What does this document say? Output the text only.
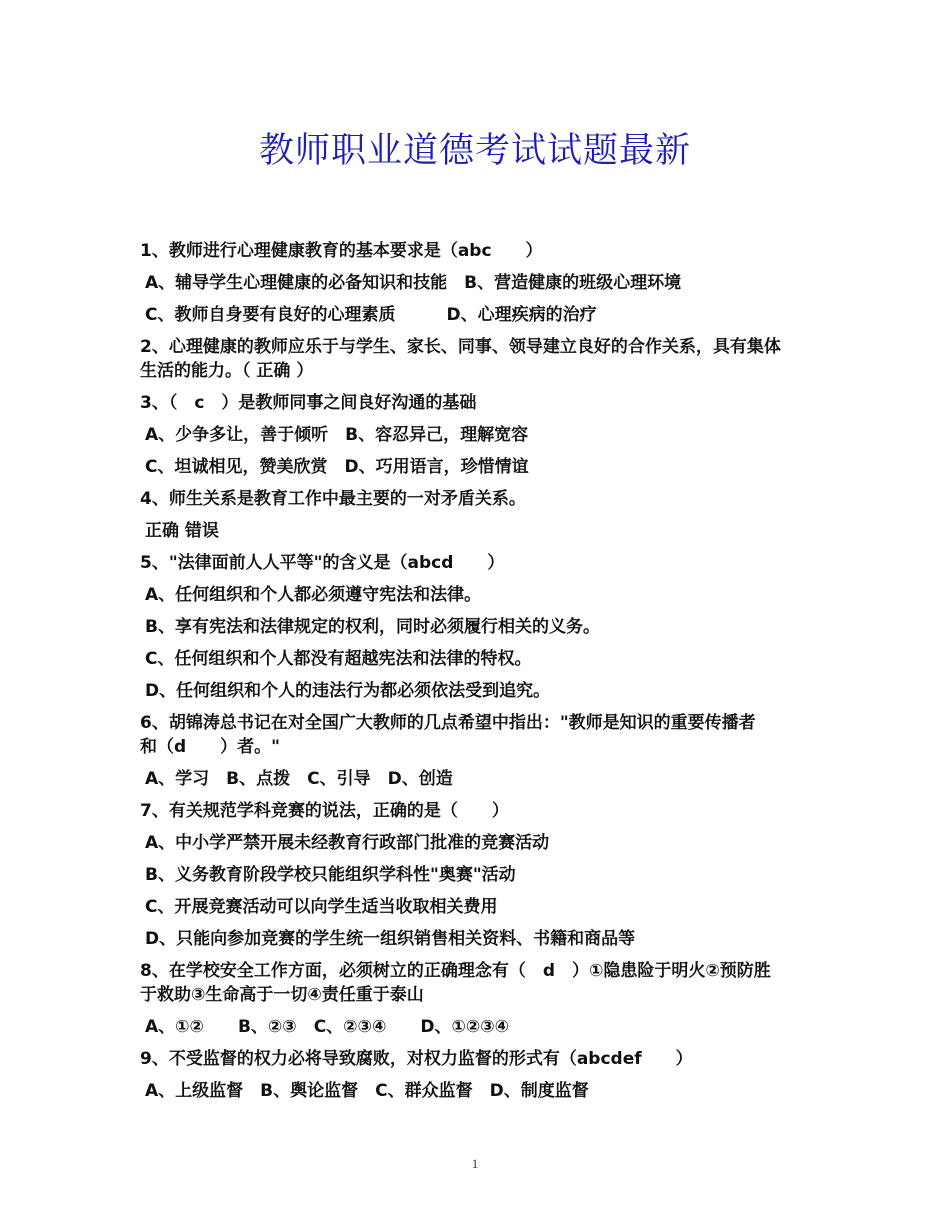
教师职业道德考试试题最新
1、教师进行心理健康教育的基本要求是（abc　　）
A、辅导学生心理健康的必备知识和技能　B、营造健康的班级心理环境
C、教师自身要有良好的心理素质　　　D、心理疾病的治疗
2、心理健康的教师应乐于与学生、家长、同事、领导建立良好的合作关系，具有集体
生活的能力。（ 正确 ）
3、（　c　）是教师同事之间良好沟通的基础
A、少争多让，善于倾听　B、容忍异己，理解宽容
C、坦诚相见，赞美欣赏　D、巧用语言，珍惜情谊
4、师生关系是教育工作中最主要的一对矛盾关系。
正确 错误
5、"法律面前人人平等"的含义是（abcd　　）
A、任何组织和个人都必须遵守宪法和法律。
B、享有宪法和法律规定的权利，同时必须履行相关的义务。
C、任何组织和个人都没有超越宪法和法律的特权。
D、任何组织和个人的违法行为都必须依法受到追究。
6、胡锦涛总书记在对全国广大教师的几点希望中指出："教师是知识的重要传播者
和（d　　）者。"
A、学习　B、点拨　C、引导　D、创造
7、有关规范学科竞赛的说法，正确的是（　　）
A、中小学严禁开展未经教育行政部门批准的竞赛活动
B、义务教育阶段学校只能组织学科性"奥赛"活动
C、开展竞赛活动可以向学生适当收取相关费用
D、只能向参加竞赛的学生统一组织销售相关资料、书籍和商品等
8、在学校安全工作方面，必须树立的正确理念有（　d　）①隐患险于明火②预防胜
于救助③生命高于一切④责任重于泰山
A、①②　　B、②③　C、②③④　　D、①②③④
9、不受监督的权力必将导致腐败，对权力监督的形式有（abcdef　　）
A、上级监督　B、舆论监督　C、群众监督　D、制度监督
1
